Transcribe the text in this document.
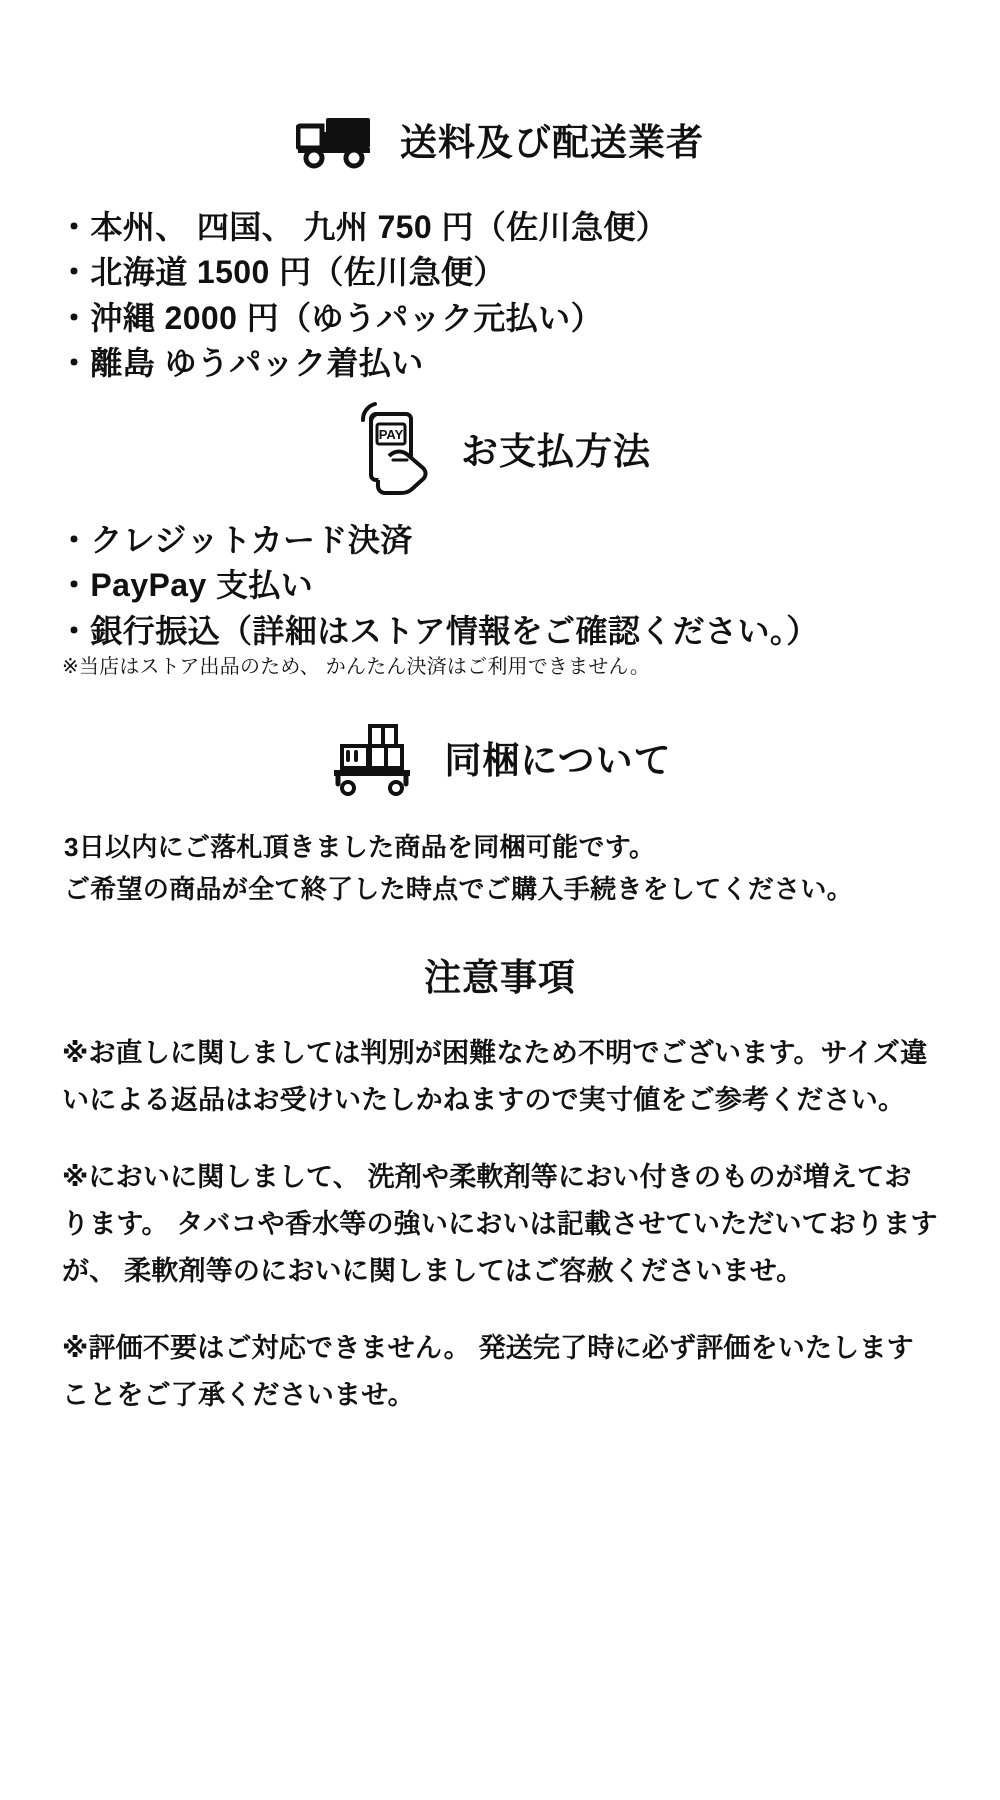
送料及び配送業者
・本州、 四国、 九州 750 円（佐川急便）
・北海道 1500 円（佐川急便）
・沖縄 2000 円（ゆうパック元払い）
・離島 ゆうパック着払い
PAY お支払方法
・クレジットカード決済
・PayPay 支払い
・銀行振込（詳細はストア情報をご確認ください。）
※当店はストア出品のため、 かんたん決済はご利用できません。
同梱について

3日以内にご落札頂きました商品を同梱可能です。

ご希望の商品が全て終了した時点でご購入手続きをしてください。

注意事項

※お直しに関しましては判別が困難なため不明でございます。サイズ違いによる返品はお受けいたしかねますので実寸値をご参考ください。

※においに関しまして、 洗剤や柔軟剤等におい付きのものが増えております。 タバコや香水等の強いにおいは記載させていただいておりますが、 柔軟剤等のにおいに関しましてはご容赦くださいませ。

※評価不要はご対応できません。 発送完了時に必ず評価をいたしますことをご了承くださいませ。
